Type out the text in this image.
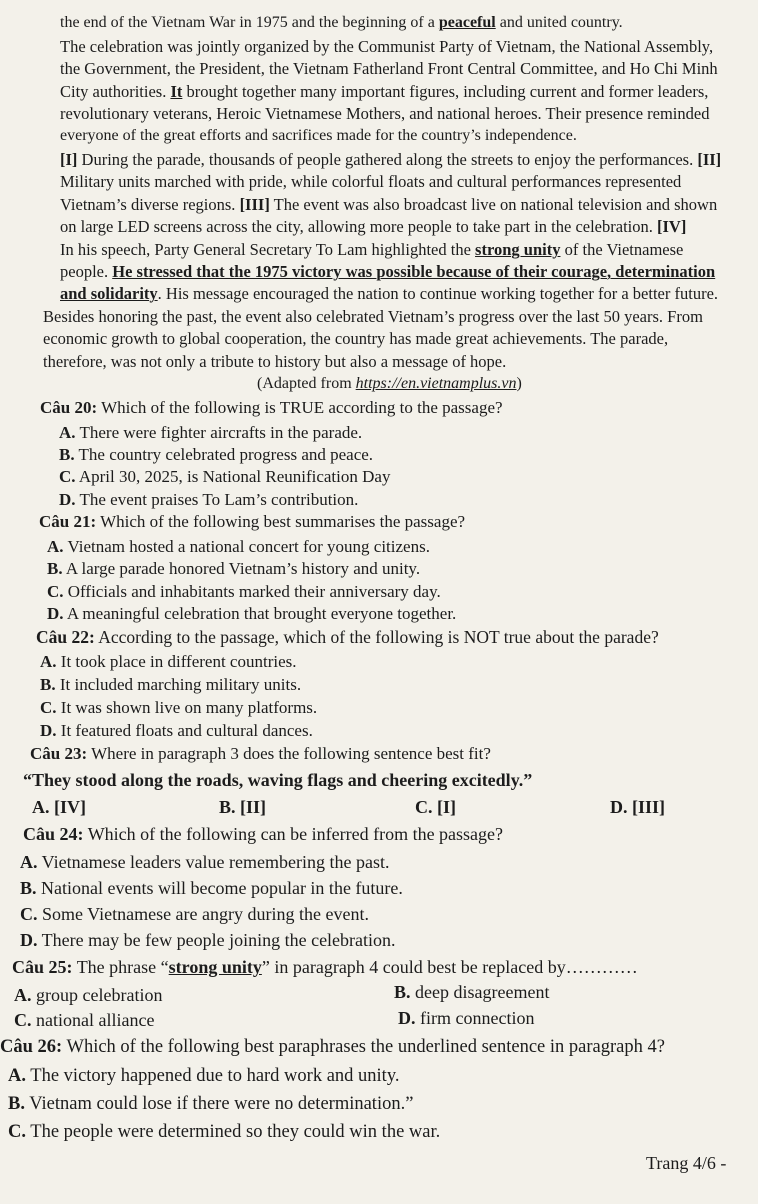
the end of the Vietnam War in 1975 and the beginning of a peaceful and united country.
The celebration was jointly organized by the Communist Party of Vietnam, the National Assembly,
the Government, the President, the Vietnam Fatherland Front Central Committee, and Ho Chi Minh
City authorities. It brought together many important figures, including current and former leaders,
revolutionary veterans, Heroic Vietnamese Mothers, and national heroes. Their presence reminded
everyone of the great efforts and sacrifices made for the country’s independence.
[I] During the parade, thousands of people gathered along the streets to enjoy the performances. [II]
Military units marched with pride, while colorful floats and cultural performances represented
Vietnam’s diverse regions. [III] The event was also broadcast live on national television and shown
on large LED screens across the city, allowing more people to take part in the celebration. [IV]
In his speech, Party General Secretary To Lam highlighted the strong unity of the Vietnamese
people. He stressed that the 1975 victory was possible because of their courage, determination
and solidarity. His message encouraged the nation to continue working together for a better future.
Besides honoring the past, the event also celebrated Vietnam’s progress over the last 50 years. From
economic growth to global cooperation, the country has made great achievements. The parade,
therefore, was not only a tribute to history but also a message of hope.
(Adapted from https://en.vietnamplus.vn)
Câu 20: Which of the following is TRUE according to the passage?
A. There were fighter aircrafts in the parade.
B. The country celebrated progress and peace.
C. April 30, 2025, is National Reunification Day
D. The event praises To Lam’s contribution.
Câu 21: Which of the following best summarises the passage?
A. Vietnam hosted a national concert for young citizens.
B. A large parade honored Vietnam’s history and unity.
C. Officials and inhabitants marked their anniversary day.
D. A meaningful celebration that brought everyone together.
Câu 22: According to the passage, which of the following is NOT true about the parade?
A. It took place in different countries.
B. It included marching military units.
C. It was shown live on many platforms.
D. It featured floats and cultural dances.
Câu 23: Where in paragraph 3 does the following sentence best fit?
“They stood along the roads, waving flags and cheering excitedly.”
A. [IV]	B. [II]	C. [I]	D. [III]
Câu 24: Which of the following can be inferred from the passage?
A. Vietnamese leaders value remembering the past.
B. National events will become popular in the future.
C. Some Vietnamese are angry during the event.
D. There may be few people joining the celebration.
Câu 25: The phrase “strong unity” in paragraph 4 could best be replaced by…………
A. group celebration	B. deep disagreement
C. national alliance	D. firm connection
Câu 26: Which of the following best paraphrases the underlined sentence in paragraph 4?
A. The victory happened due to hard work and unity.
B. Vietnam could lose if there were no determination.”
C. The people were determined so they could win the war.
Trang 4/6 -
